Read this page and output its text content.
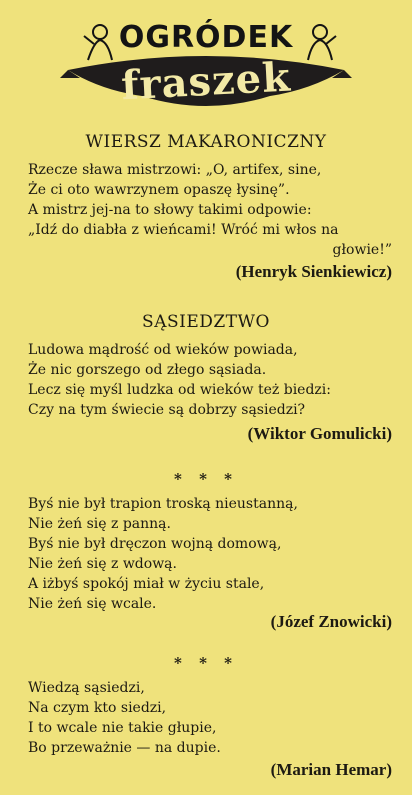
OGRÓDEK
fraszek
WIERSZ MAKARONICZNY
Rzecze sława mistrzowi: „O, artifex, sine,
Że ci oto wawrzynem opaszę łysinę”.
A mistrz jej-na to słowy takimi odpowie:
„Idź do diabła z wieńcami! Wróć mi włos na
głowie!”
(Henryk Sienkiewicz)
SĄSIEDZTWO
Ludowa mądrość od wieków powiada,
Że nic gorszego od złego sąsiada.
Lecz się myśl ludzka od wieków też biedzi:
Czy na tym świecie są dobrzy sąsiedzi?
(Wiktor Gomulicki)
* * *
Byś nie był trapion troską nieustanną,
Nie żeń się z panną.
Byś nie był dręczon wojną domową,
Nie żeń się z wdową.
A iżbyś spokój miał w życiu stale,
Nie żeń się wcale.
(Józef Znowicki)
* * *
Wiedzą sąsiedzi,
Na czym kto siedzi,
I to wcale nie takie głupie,
Bo przeważnie — na dupie.
(Marian Hemar)
